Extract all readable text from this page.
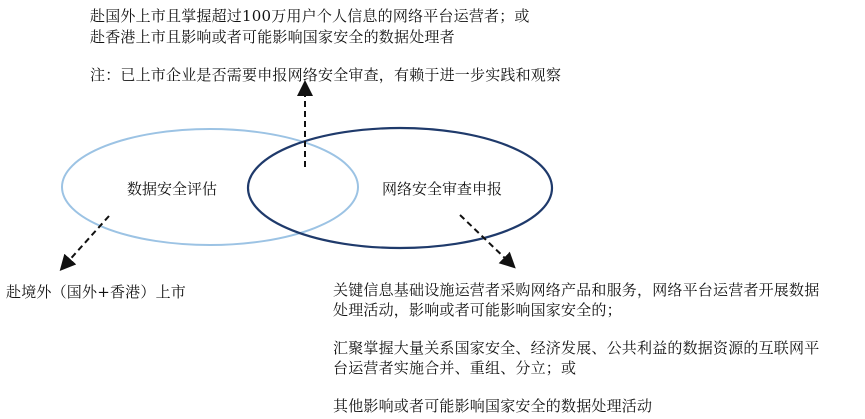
赴国外上市且掌握超过100万用户个人信息的网络平台运营者；或
赴香港上市且影响或者可能影响国家安全的数据处理者
注：已上市企业是否需要申报网络安全审查，有赖于进一步实践和观察
数据安全评估	网络安全审查申报
赴境外（国外+香港）上市	关键信息基础设施运营者采购网络产品和服务，网络平台运营者开展数据
处理活动，影响或者可能影响国家安全的；
汇聚掌握大量关系国家安全、经济发展、公共利益的数据资源的互联网平
台运营者实施合并、重组、分立；或
其他影响或者可能影响国家安全的数据处理活动
